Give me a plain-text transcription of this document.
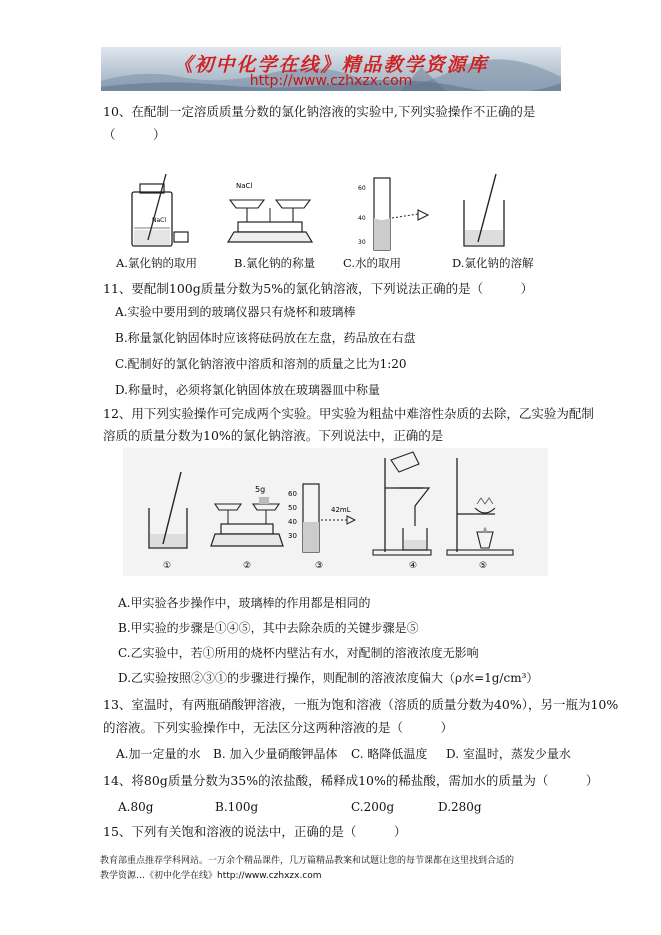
《初中化学在线》精品教学资源库
http://www.czhxzx.com
10、在配制一定溶质质量分数的氯化钠溶液的实验中,下列实验操作不正确的是
（　　　）
NaCl
NaCl	60
40
30
A.氯化钠的取用	B.氯化钠的称量 C.水的取用	D.氯化钠的溶解
11、要配制100g质量分数为5%的氯化钠溶液，下列说法正确的是（　　　）
A.实验中要用到的玻璃仪器只有烧杯和玻璃棒
B.称量氯化钠固体时应该将砝码放在左盘，药品放在右盘
C.配制好的氯化钠溶液中溶质和溶剂的质量之比为1:20
D.称量时，必须将氯化钠固体放在玻璃器皿中称量
12、用下列实验操作可完成两个实验。甲实验为粗盐中难溶性杂质的去除，乙实验为配制
溶质的质量分数为10%的氯化钠溶液。下列说法中，正确的是
5g	60
50
40
30
42mL
①	②	③	④	⑤
A.甲实验各步操作中，玻璃棒的作用都是相同的
B.甲实验的步骤是①④⑤，其中去除杂质的关键步骤是⑤
C.乙实验中，若①所用的烧杯内壁沾有水，对配制的溶液浓度无影响
D.乙实验按照②③①的步骤进行操作，则配制的溶液浓度偏大（ρ水=1g/cm³）
13、室温时，有两瓶硝酸钾溶液，一瓶为饱和溶液（溶质的质量分数为40%），另一瓶为10%
的溶液。下列实验操作中，无法区分这两种溶液的是（　　　）
A.加一定量的水 B. 加入少量硝酸钾晶体 C. 略降低温度 D. 室温时，蒸发少量水
14、将80g质量分数为35%的浓盐酸，稀释成10%的稀盐酸，需加水的质量为（　　　）
A.80g	B.100g	C.200g	D.280g
15、下列有关饱和溶液的说法中，正确的是（　　　）
教育部重点推荐学科网站。一万余个精品课件，几万篇精品教案和试题让您的每节课都在这里找到合适的
教学资源…《初中化学在线》http://www.czhxzx.com
